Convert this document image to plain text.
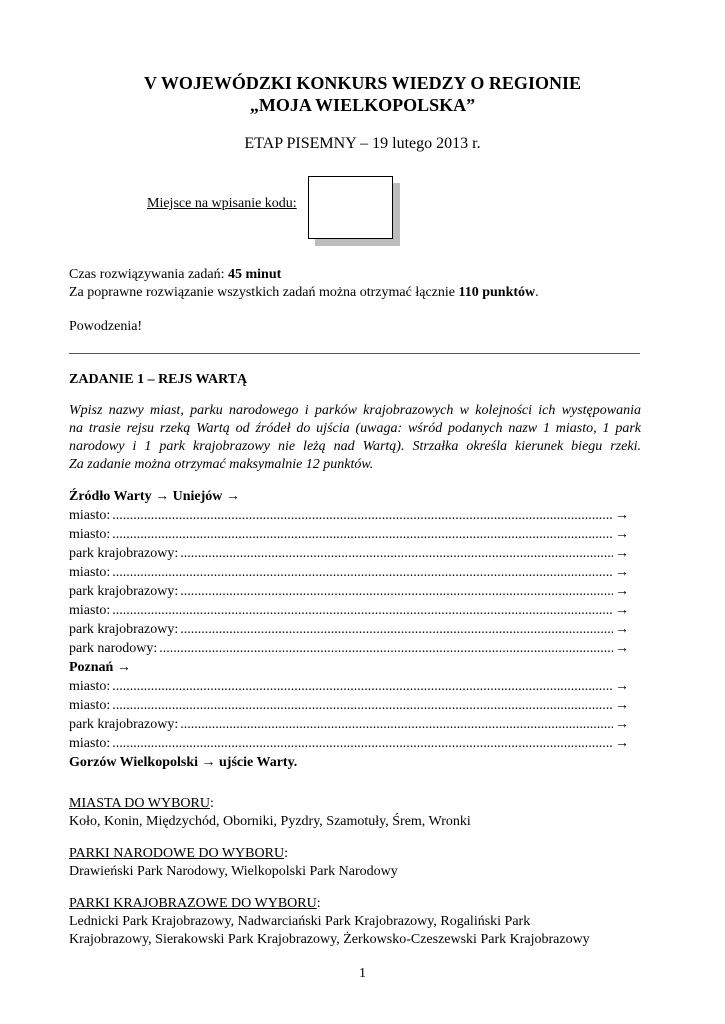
V WOJEWÓDZKI KONKURS WIEDZY O REGIONIE
„MOJA WIELKOPOLSKA”
ETAP PISEMNY – 19 lutego 2013 r.
Miejsce na wpisanie kodu:
Czas rozwiązywania zadań: 45 minut
Za poprawne rozwiązanie wszystkich zadań można otrzymać łącznie 110 punktów.
Powodzenia!
ZADANIE 1 – REJS WARTĄ

Wpisz nazwy miast, parku narodowego i parków krajobrazowych w kolejności ich występowania

na trasie rejsu rzeką Wartą od źródeł do ujścia (uwaga: wśród podanych nazw 1 miasto, 1 park

narodowy i 1 park krajobrazowy nie leżą nad Wartą). Strzałka określa kierunek biegu rzeki.

Za zadanie można otrzymać maksymalnie 12 punktów.

Źródło Warty → Uniejów →
miasto: .....	→
miasto: .....	→
park krajobrazowy: .....	→
miasto: .....	→
park krajobrazowy: .....	→
miasto: .....	→
park krajobrazowy: .....	→
park narodowy: .....	→
Poznań →
miasto: .....	→
miasto: .....	→
park krajobrazowy: .....	→
miasto: .....	→
Gorzów Wielkopolski → ujście Warty.
MIASTA DO WYBORU:
Koło, Konin, Międzychód, Oborniki, Pyzdry, Szamotuły, Śrem, Wronki
PARKI NARODOWE DO WYBORU:
Drawieński Park Narodowy, Wielkopolski Park Narodowy
PARKI KRAJOBRAZOWE DO WYBORU:
Lednicki Park Krajobrazowy, Nadwarciański Park Krajobrazowy, Rogaliński Park
Krajobrazowy, Sierakowski Park Krajobrazowy, Żerkowsko-Czeszewski Park Krajobrazowy
1
